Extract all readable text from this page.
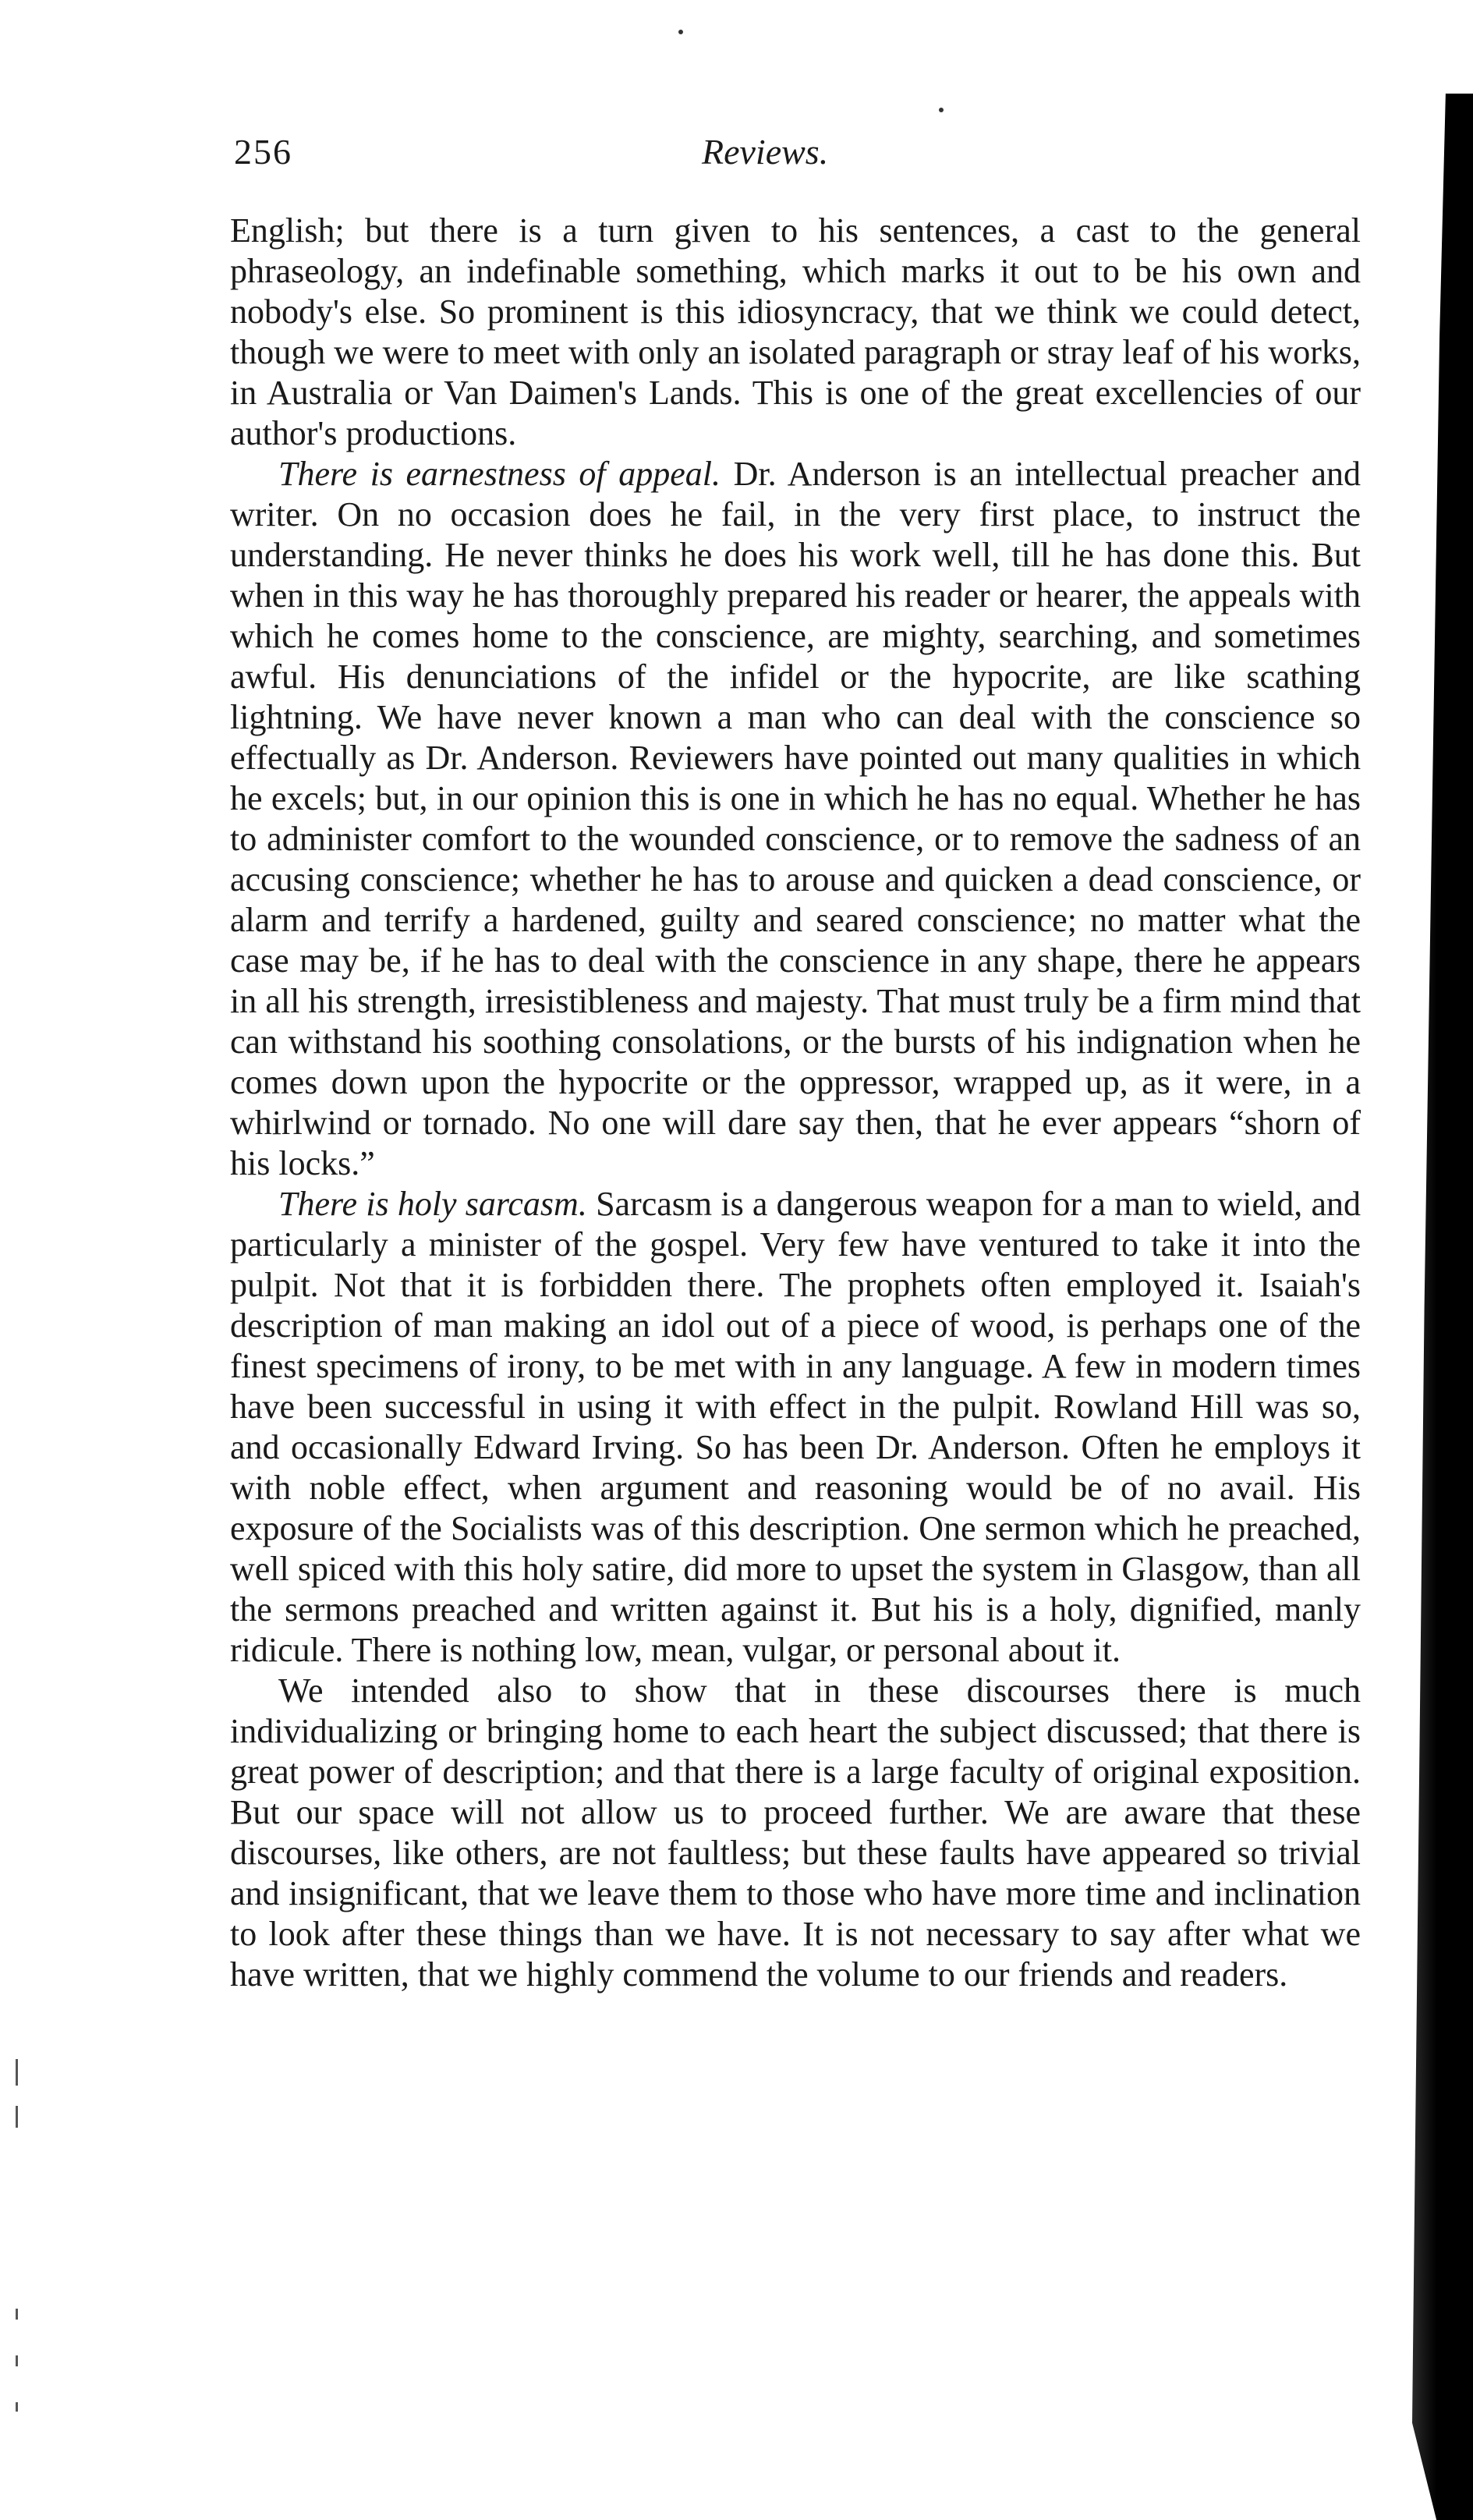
256	Reviews.

English; but there is a turn given to his sentences, a cast to the general phraseology, an indefinable something, which marks it out to be his own and nobody's else. So prominent is this idiosyncracy, that we think we could detect, though we were to meet with only an isolated paragraph or stray leaf of his works, in Australia or Van Daimen's Lands. This is one of the great excellencies of our author's productions.

There is earnestness of appeal. Dr. Anderson is an intellectual preacher and writer. On no occasion does he fail, in the very first place, to instruct the understanding. He never thinks he does his work well, till he has done this. But when in this way he has thoroughly prepared his reader or hearer, the appeals with which he comes home to the conscience, are mighty, searching, and sometimes awful. His denunciations of the infidel or the hypocrite, are like scathing lightning. We have never known a man who can deal with the conscience so effectually as Dr. Anderson. Reviewers have pointed out many qualities in which he excels; but, in our opinion this is one in which he has no equal. Whether he has to administer comfort to the wounded conscience, or to remove the sadness of an accusing conscience; whether he has to arouse and quicken a dead conscience, or alarm and terrify a hardened, guilty and seared conscience; no matter what the case may be, if he has to deal with the conscience in any shape, there he appears in all his strength, irresistibleness and majesty. That must truly be a firm mind that can withstand his soothing consolations, or the bursts of his indignation when he comes down upon the hypocrite or the oppressor, wrapped up, as it were, in a whirlwind or tornado. No one will dare say then, that he ever appears “shorn of his locks.”

There is holy sarcasm. Sarcasm is a dangerous weapon for a man to wield, and particularly a minister of the gospel. Very few have ventured to take it into the pulpit. Not that it is forbidden there. The prophets often employed it. Isaiah's description of man making an idol out of a piece of wood, is perhaps one of the finest specimens of irony, to be met with in any language. A few in modern times have been successful in using it with effect in the pulpit. Rowland Hill was so, and occasionally Edward Irving. So has been Dr. Anderson. Often he employs it with noble effect, when argument and reasoning would be of no avail. His exposure of the Socialists was of this description. One sermon which he preached, well spiced with this holy satire, did more to upset the system in Glasgow, than all the sermons preached and written against it. But his is a holy, dignified, manly ridicule. There is nothing low, mean, vulgar, or personal about it.

We intended also to show that in these discourses there is much individualizing or bringing home to each heart the subject discussed; that there is great power of description; and that there is a large faculty of original exposition. But our space will not allow us to proceed further. We are aware that these discourses, like others, are not faultless; but these faults have appeared so trivial and insignificant, that we leave them to those who have more time and inclination to look after these things than we have. It is not necessary to say after what we have written, that we highly commend the volume to our friends and readers.
